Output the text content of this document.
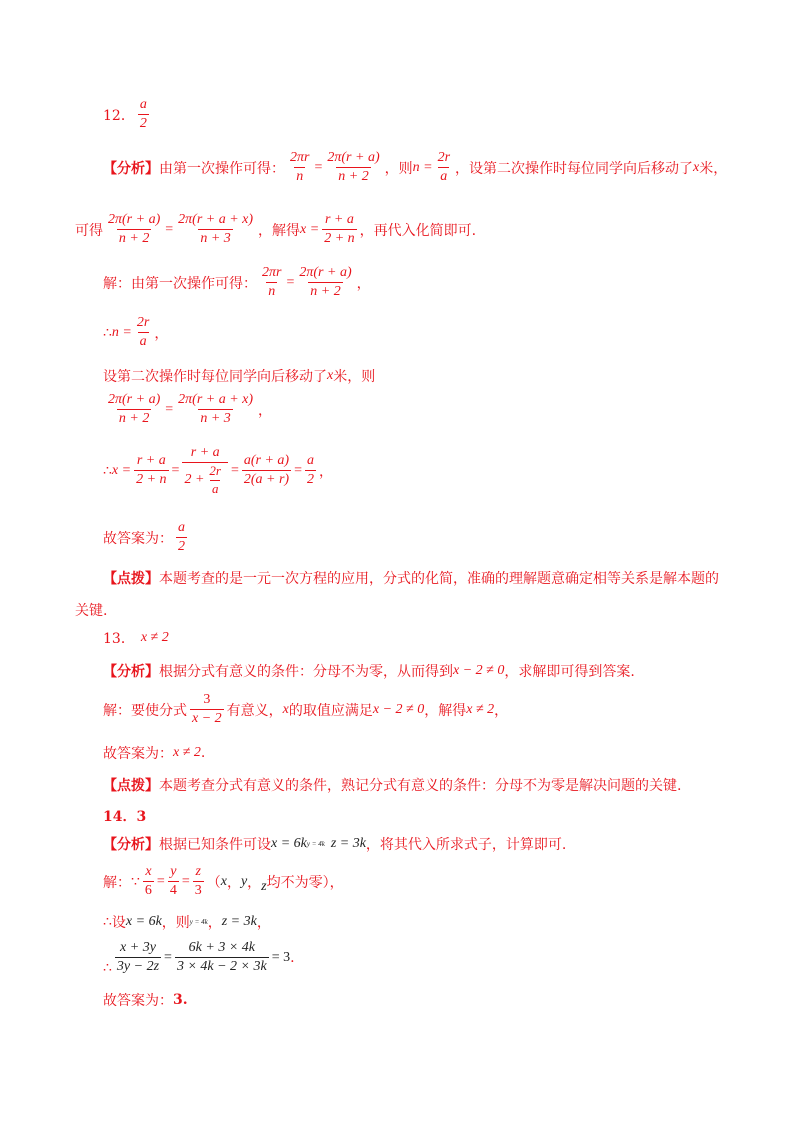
12． $\frac{a}{2}$
【分析】 由第一次操作可得： $\frac{2\pi r}{n} = \frac{2\pi(r + a)}{n + 2}$ ，则 $n = \frac{2r}{a}$ ，设第二次操作时每位同学向后移动了 x 米，
可得 $\frac{2\pi(r + a)}{n + 2} = \frac{2\pi(r + a + x)}{n + 3}$ ，解得 $x = \frac{r + a}{2 + n}$ ，再代入化简即可.
解：由第一次操作可得： $\frac{2\pi r}{n} = \frac{2\pi(r + a)}{n + 2}$ ，
∴ $n = \frac{2r}{a}$ ，
设第二次操作时每位同学向后移动了 x 米，则
$\frac{2\pi(r + a)}{n + 2} = \frac{2\pi(r + a + x)}{n + 3}$ ，
∴ $x = \frac{r + a}{2 + n} = \frac{r + a}{2 + \frac{2r}{a}} = \frac{a(r + a)}{2(a + r)} = \frac{a}{2}$ ，
故答案为： $\frac{a}{2}$
【点拨】 本题考查的是一元一次方程的应用，分式的化简，准确的理解题意确定相等关系是解本题的
关键.
13． x ≠ 2
【分析】 根据分式有意义的条件：分母不为零，从而得到 x − 2 ≠ 0 ，求解即可得到答案.
解：要使分式 $\frac{3}{x - 2}$ 有意义， x 的取值应满足 x − 2 ≠ 0 ，解得 x ≠ 2 ，
故答案为： x ≠ 2 .
【点拨】 本题考查分式有意义的条件，熟记分式有意义的条件：分母不为零是解决问题的关键.
14．3
【分析】 根据已知条件可设 x = 6k y = 4k z = 3k ，将其代入所求式子，计算即可.
解： ∵ $\frac{x}{6} = \frac{y}{4} = \frac{z}{3}$ （ x ， y ， z 均不为零），
∴ 设 x = 6k ，则 y = 4k ， z = 3k ，
∴ $\frac{x + 3y}{3y - 2z} = \frac{6k + 3 \times 4k}{3 \times 4k - 2 \times 3k} = 3$ .
故答案为： 3.
